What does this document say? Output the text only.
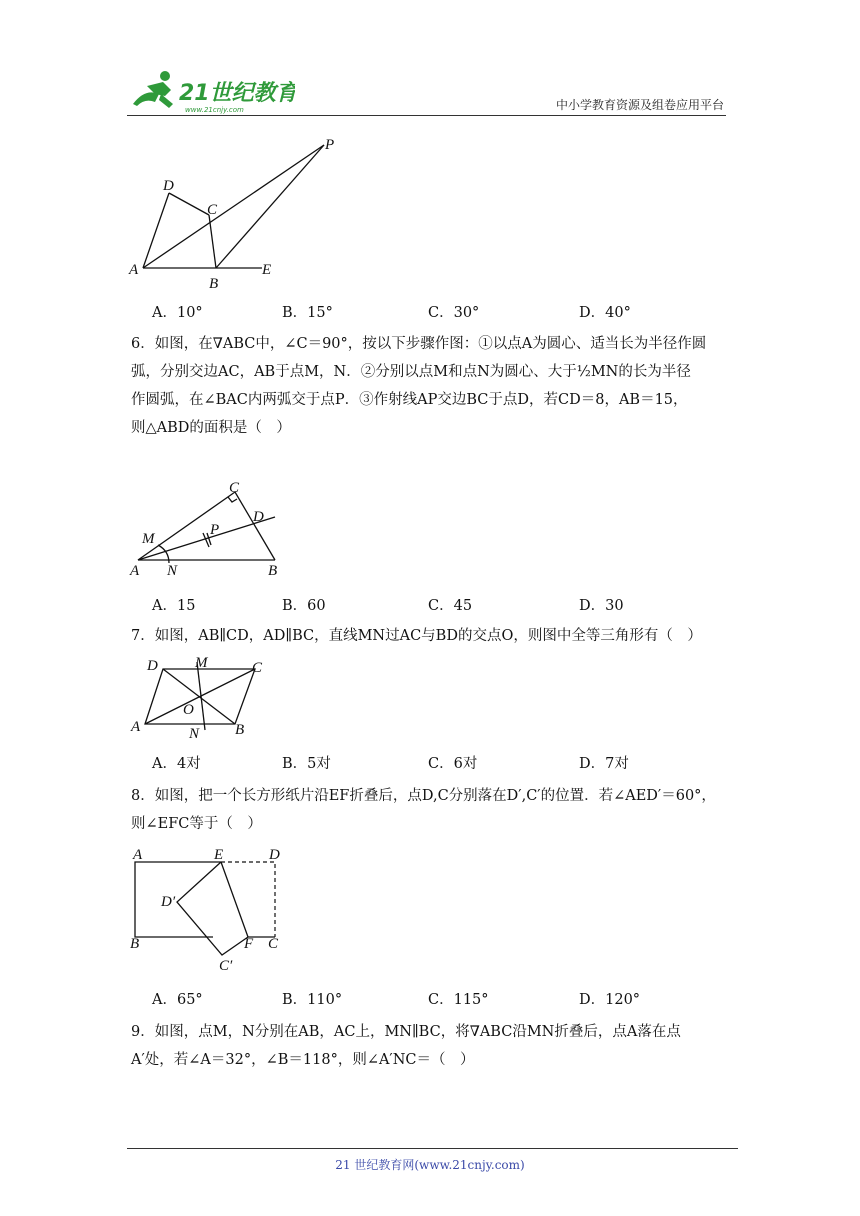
21世纪教育
www.21cnjy.com	中小学教育资源及组卷应用平台
P
D
C
A
B
E
A．10°	B．15°	C．30°	D．40°
6．如图，在∇ABC中，∠C＝90°，按以下步骤作图：①以点A为圆心、适当长为半径作圆
弧，分别交边AC，AB于点M，N．②分别以点M和点N为圆心、大于½MN的长为半径
作圆弧，在∠BAC内两弧交于点P．③作射线AP交边BC于点D，若CD＝8，AB＝15，
则△ABD的面积是（　）
C
D
M
P
A N	B
A．15	B．60	C．45	D．30
7．如图，AB∥CD，AD∥BC，直线MN过AC与BD的交点O，则图中全等三角形有（　）
D M	C
O
A	N B
A．4对	B．5对	C．6对	D．7对
8．如图，把一个长方形纸片沿EF折叠后，点D,C分别落在D′,C′的位置．若∠AED′＝60°，
则∠EFC等于（　）
A	E	D
D′
B	F C
C′
A．65°	B．110°	C．115°	D．120°
9．如图，点M，N分别在AB，AC上，MN∥BC，将∇ABC沿MN折叠后，点A落在点
A′处，若∠A＝32°，∠B＝118°，则∠A′NC＝（　）
21 世纪教育网(www.21cnjy.com)
